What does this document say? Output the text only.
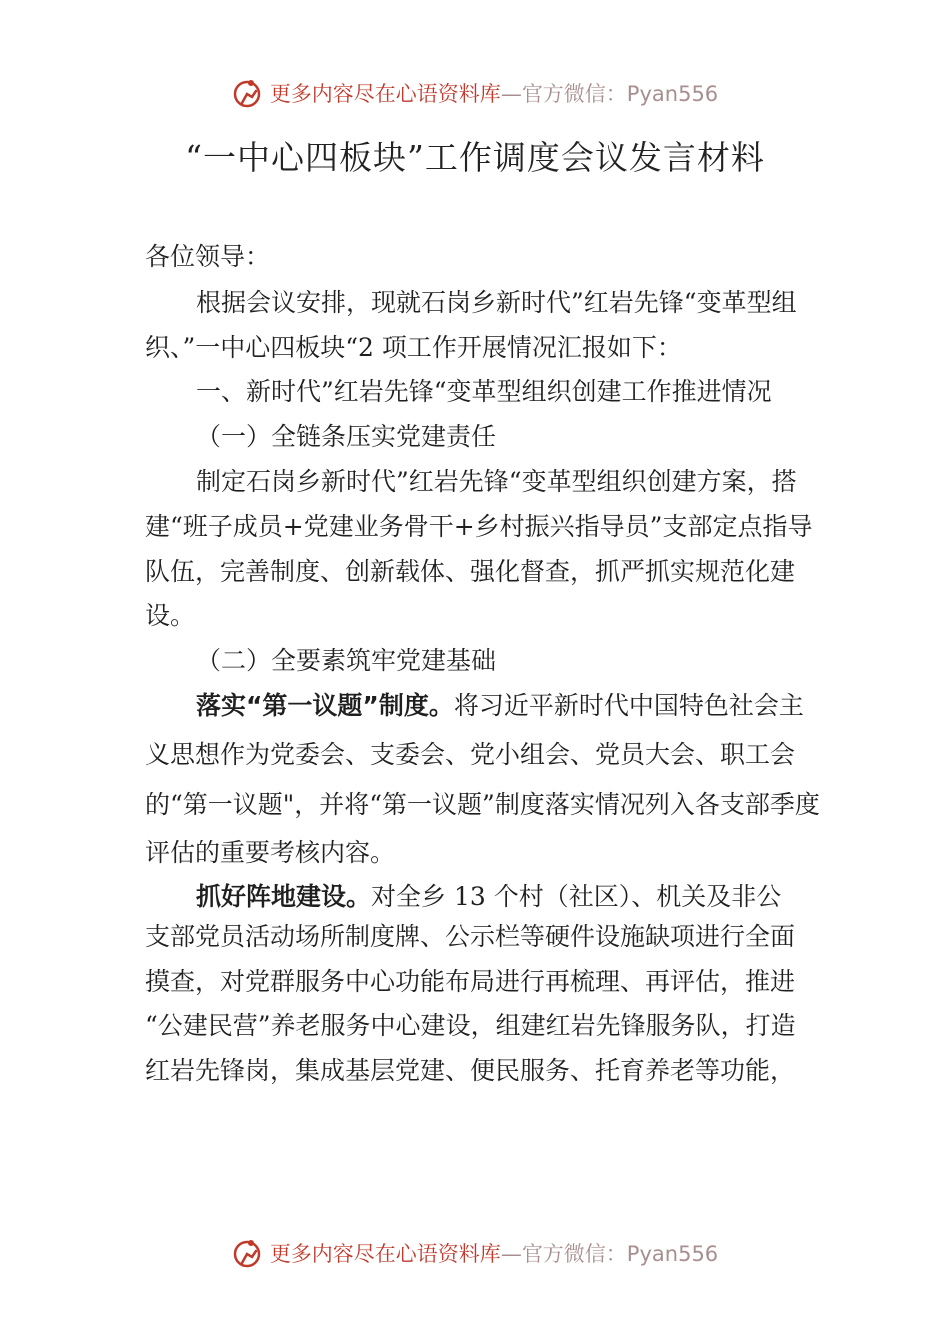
更多内容尽在心语资料库—官方微信：Pyan556
“一中心四板块”工作调度会议发言材料
各位领导：
根据会议安排，现就石岗乡新时代”红岩先锋“变革型组
织、”一中心四板块“2 项工作开展情况汇报如下：
一、新时代”红岩先锋“变革型组织创建工作推进情况
（一）全链条压实党建责任
制定石岗乡新时代”红岩先锋“变革型组织创建方案，搭
建“班子成员+党建业务骨干+乡村振兴指导员”支部定点指导
队伍，完善制度、创新载体、强化督查，抓严抓实规范化建
设。
（二）全要素筑牢党建基础
落实“第一议题”制度。将习近平新时代中国特色社会主
义思想作为党委会、支委会、党小组会、党员大会、职工会
的“第一议题"，并将“第一议题”制度落实情况列入各支部季度
评估的重要考核内容。
抓好阵地建设。对全乡 13 个村（社区）、机关及非公
支部党员活动场所制度牌、公示栏等硬件设施缺项进行全面
摸查，对党群服务中心功能布局进行再梳理、再评估，推进
“公建民营”养老服务中心建设，组建红岩先锋服务队，打造
红岩先锋岗，集成基层党建、便民服务、托育养老等功能，
更多内容尽在心语资料库—官方微信：Pyan556
